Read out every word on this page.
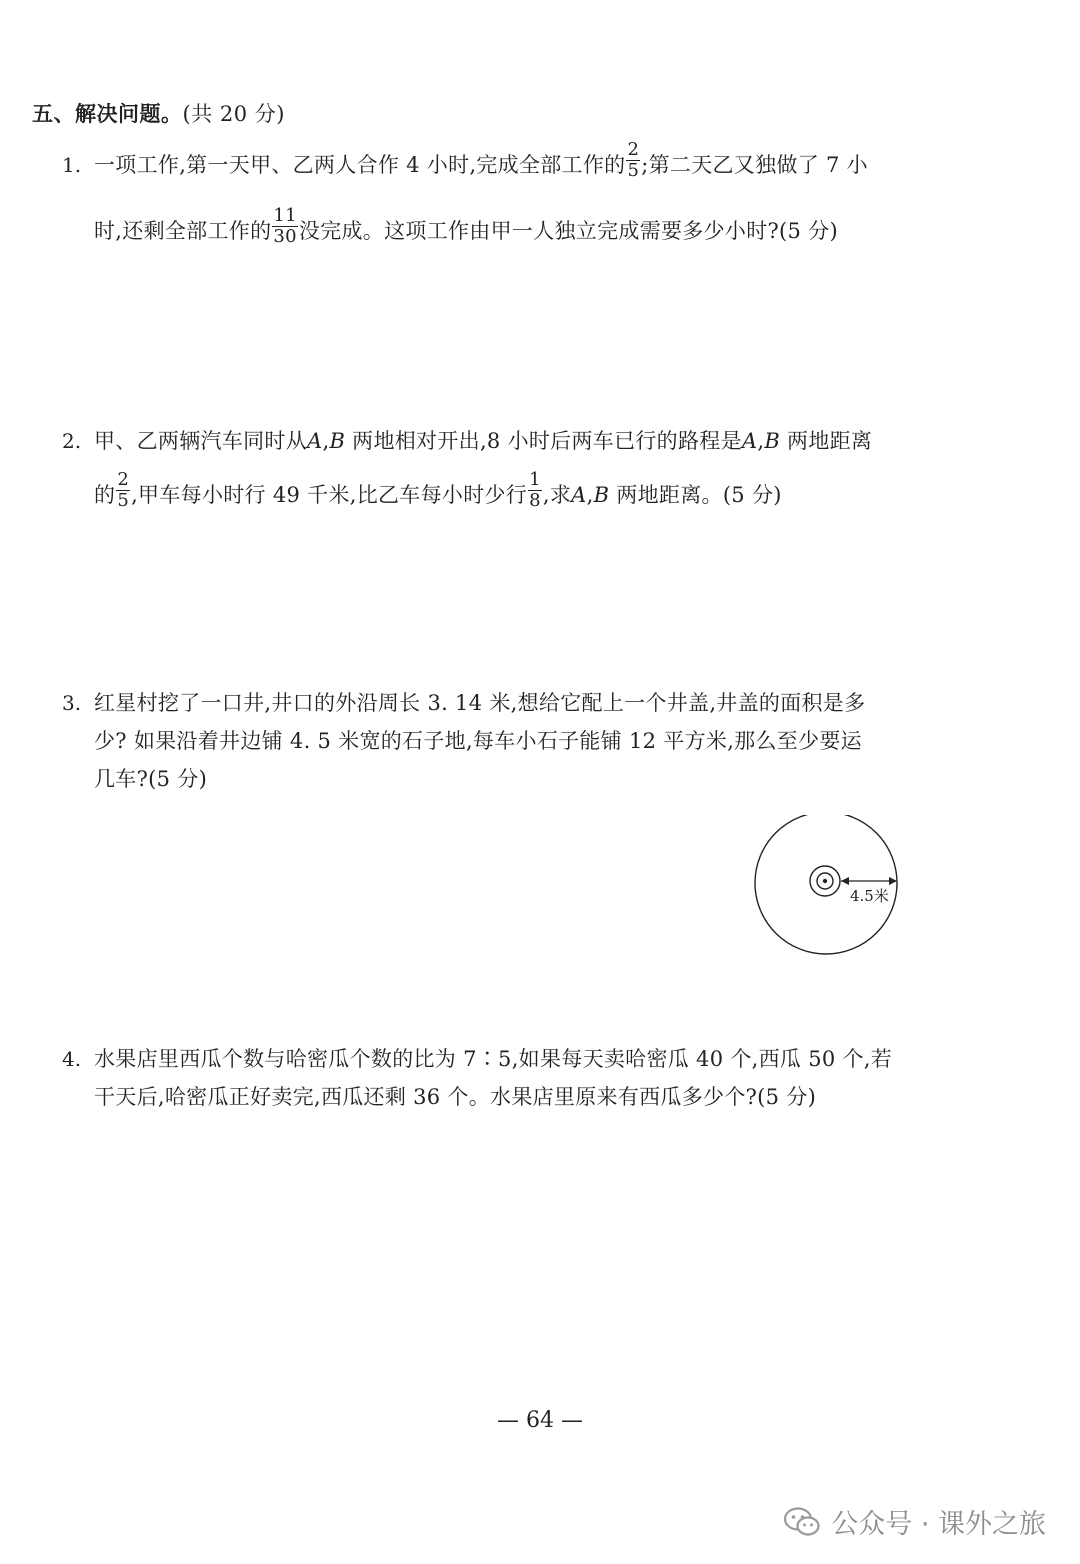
五、解决问题。(共 20 分)
1. 一项工作,第一天甲、乙两人合作 4 小时,完成全部工作的 $\frac{2}{5}$ ;第二天乙又独做了 7 小
时,还剩全部工作的 $\frac{11}{30}$ 没完成。这项工作由甲一人独立完成需要多少小时?(5 分)
2. 甲、乙两辆汽车同时从A,B 两地相对开出,8 小时后两车已行的路程是A,B 两地距离
的 $\frac{2}{5}$ ,甲车每小时行 49 千米,比乙车每小时少行 $\frac{1}{8}$ ,求A,B 两地距离。(5 分)
3. 红星村挖了一口井,井口的外沿周长 3. 14 米,想给它配上一个井盖,井盖的面积是多
少? 如果沿着井边铺 4. 5 米宽的石子地,每车小石子能铺 12 平方米,那么至少要运
几车?(5 分)
4.5米
4. 水果店里西瓜个数与哈密瓜个数的比为 7∶5,如果每天卖哈密瓜 40 个,西瓜 50 个,若
干天后,哈密瓜正好卖完,西瓜还剩 36 个。水果店里原来有西瓜多少个?(5 分)
— 64 —
公众号 · 课外之旅
